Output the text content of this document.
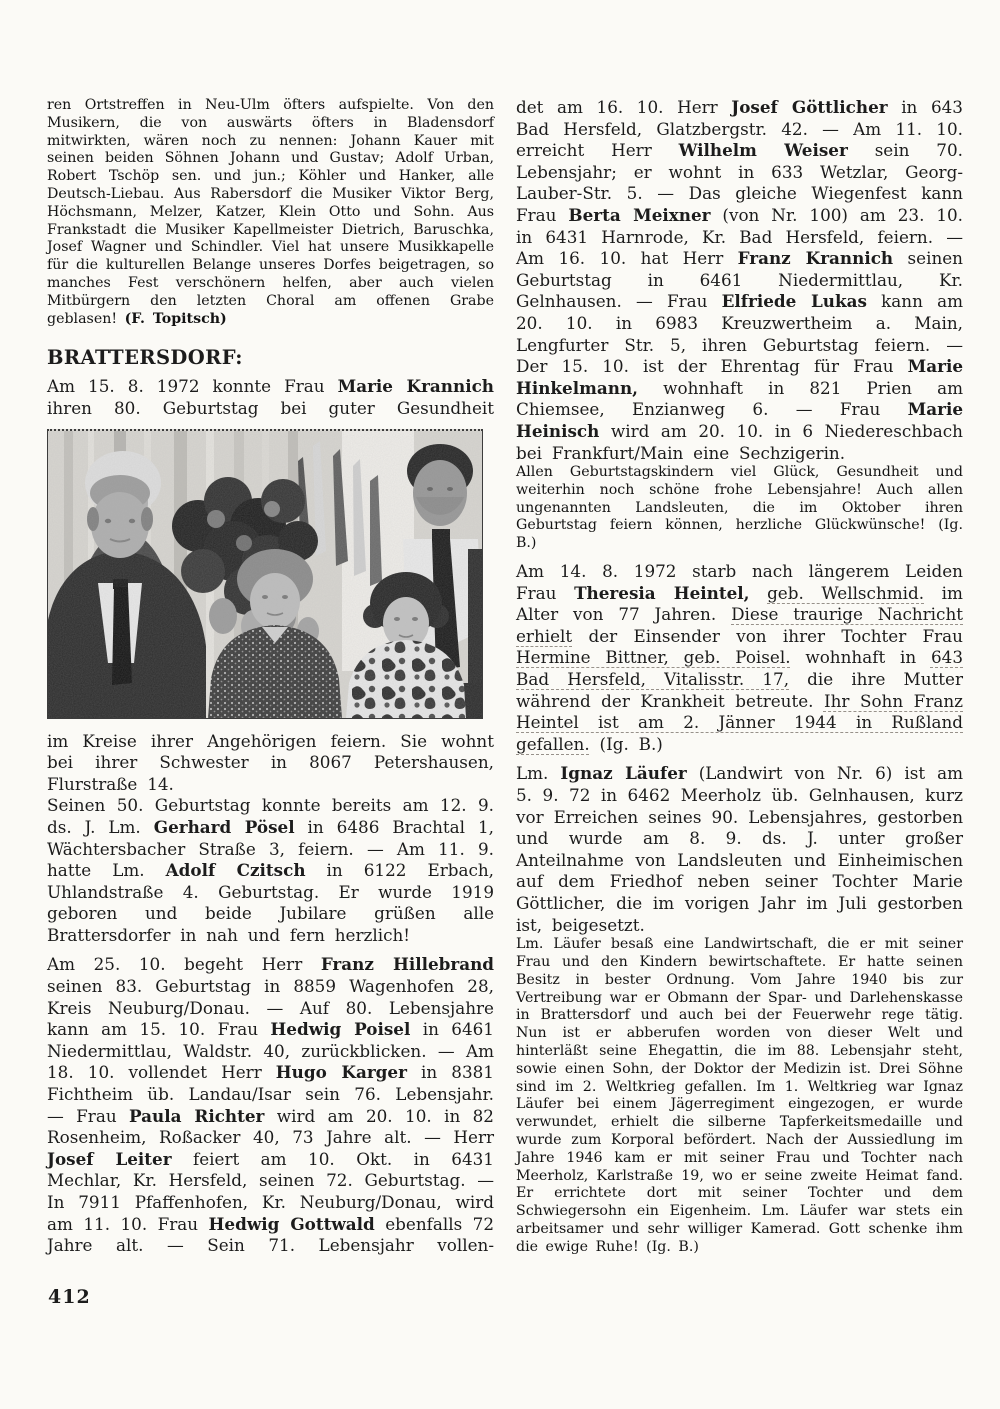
ren Ortstreffen in Neu-Ulm öfters aufspielte. Von den Musikern, die von auswärts öfters in Bladensdorf mitwirkten, wären noch zu nennen: Johann Kauer mit seinen beiden Söhnen Johann und Gustav; Adolf Urban, Robert Tschöp sen. und jun.; Köhler und Hanker, alle Deutsch-Liebau. Aus Rabersdorf die Musiker Viktor Berg, Höchsmann, Melzer, Katzer, Klein Otto und Sohn. Aus Frankstadt die Musiker Kapellmeister Dietrich, Baruschka, Josef Wagner und Schindler. Viel hat unsere Musikkapelle für die kulturellen Belange unseres Dorfes beigetragen, so manches Fest verschönern helfen, aber auch vielen Mitbürgern den letzten Choral am offenen Grabe geblasen! (F. Topitsch)

BRATTERSDORF:

Am 15. 8. 1972 konnte Frau Marie Krannich ihren 80. Geburtstag bei guter Gesundheit

im Kreise ihrer Angehörigen feiern. Sie wohnt bei ihrer Schwester in 8067 Petershausen, Flurstraße 14.

Seinen 50. Geburtstag konnte bereits am 12. 9. ds. J. Lm. Gerhard Pösel in 6486 Brachtal 1, Wächtersbacher Straße 3, feiern. — Am 11. 9. hatte Lm. Adolf Czitsch in 6122 Erbach, Uhlandstraße 4. Geburtstag. Er wurde 1919 geboren und beide Jubilare grüßen alle Brattersdorfer in nah und fern herzlich!

Am 25. 10. begeht Herr Franz Hillebrand seinen 83. Geburtstag in 8859 Wagenhofen 28, Kreis Neuburg/Donau. — Auf 80. Lebensjahre kann am 15. 10. Frau Hedwig Poisel in 6461 Niedermittlau, Waldstr. 40, zurückblicken. — Am 18. 10. vollendet Herr Hugo Karger in 8381 Fichtheim üb. Landau/Isar sein 76. Lebensjahr. — Frau Paula Richter wird am 20. 10. in 82 Rosenheim, Roßacker 40, 73 Jahre alt. — Herr Josef Leiter feiert am 10. Okt. in 6431 Mechlar, Kr. Hersfeld, seinen 72. Geburtstag. — In 7911 Pfaffenhofen, Kr. Neuburg/Donau, wird am 11. 10. Frau Hedwig Gottwald ebenfalls 72 Jahre alt. — Sein 71. Lebensjahr vollen-

det am 16. 10. Herr Josef Göttlicher in 643 Bad Hersfeld, Glatzbergstr. 42. — Am 11. 10. erreicht Herr Wilhelm Weiser sein 70. Lebensjahr; er wohnt in 633 Wetzlar, Georg-Lauber-Str. 5. — Das gleiche Wiegenfest kann Frau Berta Meixner (von Nr. 100) am 23. 10. in 6431 Harnrode, Kr. Bad Hersfeld, feiern. — Am 16. 10. hat Herr Franz Krannich seinen Geburtstag in 6461 Niedermittlau, Kr. Gelnhausen. — Frau Elfriede Lukas kann am 20. 10. in 6983 Kreuzwertheim a. Main, Lengfurter Str. 5, ihren Geburtstag feiern. — Der 15. 10. ist der Ehrentag für Frau Marie Hinkelmann, wohnhaft in 821 Prien am Chiemsee, Enzianweg 6. — Frau Marie Heinisch wird am 20. 10. in 6 Niedereschbach bei Frankfurt/Main eine Sechzigerin.

Allen Geburtstagskindern viel Glück, Gesundheit und weiterhin noch schöne frohe Lebensjahre! Auch allen ungenannten Landsleuten, die im Oktober ihren Geburtstag feiern können, herzliche Glückwünsche! (Ig. B.)

Am 14. 8. 1972 starb nach längerem Leiden Frau Theresia Heintel, geb. Wellschmid. im Alter von 77 Jahren. Diese traurige Nachricht erhielt der Einsender von ihrer Tochter Frau Hermine Bittner, geb. Poisel. wohnhaft in 643 Bad Hersfeld, Vitalisstr. 17, die ihre Mutter während der Krankheit betreute. Ihr Sohn Franz Heintel ist am 2. Jänner 1944 in Rußland gefallen. (Ig. B.)

Lm. Ignaz Läufer (Landwirt von Nr. 6) ist am 5. 9. 72 in 6462 Meerholz üb. Gelnhausen, kurz vor Erreichen seines 90. Lebensjahres, gestorben und wurde am 8. 9. ds. J. unter großer Anteilnahme von Landsleuten und Einheimischen auf dem Friedhof neben seiner Tochter Marie Göttlicher, die im vorigen Jahr im Juli gestorben ist, beigesetzt.

Lm. Läufer besaß eine Landwirtschaft, die er mit seiner Frau und den Kindern bewirtschaftete. Er hatte seinen Besitz in bester Ordnung. Vom Jahre 1940 bis zur Vertreibung war er Obmann der Spar- und Darlehenskasse in Brattersdorf und auch bei der Feuerwehr rege tätig. Nun ist er abberufen worden von dieser Welt und hinterläßt seine Ehegattin, die im 88. Lebensjahr steht, sowie einen Sohn, der Doktor der Medizin ist. Drei Söhne sind im 2. Weltkrieg gefallen. Im 1. Weltkrieg war Ignaz Läufer bei einem Jägerregiment eingezogen, er wurde verwundet, erhielt die silberne Tapferkeitsmedaille und wurde zum Korporal befördert. Nach der Aussiedlung im Jahre 1946 kam er mit seiner Frau und Tochter nach Meerholz, Karlstraße 19, wo er seine zweite Heimat fand. Er errichtete dort mit seiner Tochter und dem Schwiegersohn ein Eigenheim. Lm. Läufer war stets ein arbeitsamer und sehr williger Kamerad. Gott schenke ihm die ewige Ruhe! (Ig. B.)

412
